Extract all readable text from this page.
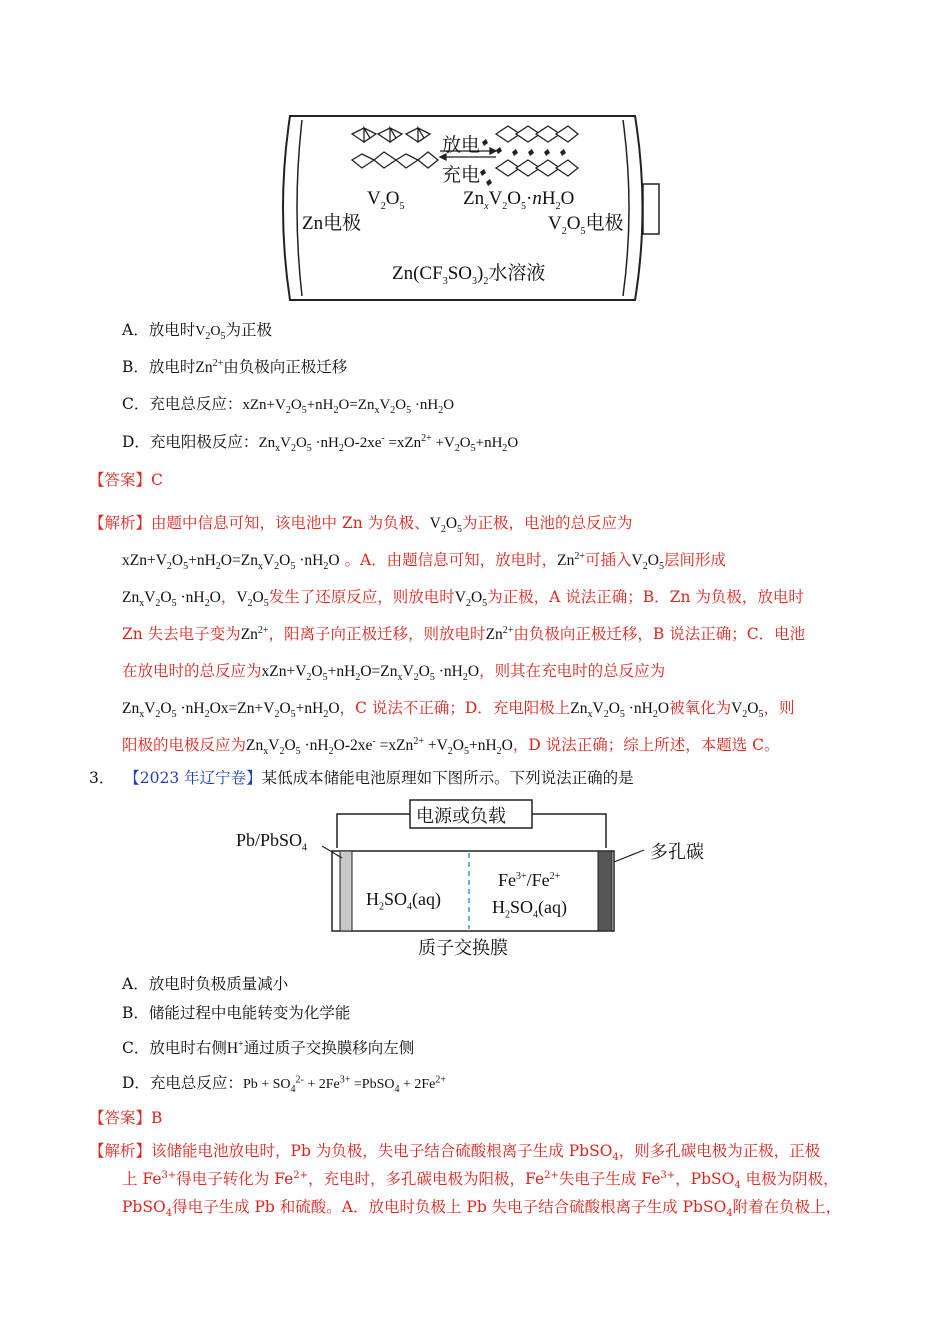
放电
充电
$V_2O_5$	$Zn_xV_2O_5\cdot nH_2O$
Zn电极	$V_2O_5$电极
$Zn(CF_3SO_3)_2$水溶液
A．放电时$V_2O_5$为正极
B．放电时$Zn^{2+}$由负极向正极迁移
C．充电总反应：$xZn+V_2O_5+nH_2O=Zn_xV_2O_5 \cdot nH_2O$
D．充电阳极反应：$Zn_xV_2O_5 \cdot nH_2O-2xe^- =xZn^{2+} +V_2O_5+nH_2O$
【答案】C
【解析】由题中信息可知，该电池中 Zn 为负极、$V_2O_5$为正极，电池的总反应为
$xZn+V_2O_5+nH_2O=Zn_xV_2O_5 \cdot nH_2O$ 。A．由题信息可知，放电时，$Zn^{2+}$可插入$V_2O_5$层间形成
$Zn_xV_2O_5 \cdot nH_2O$，$V_2O_5$发生了还原反应，则放电时$V_2O_5$为正极，A 说法正确；B．Zn 为负极，放电时
Zn 失去电子变为$Zn^{2+}$，阳离子向正极迁移，则放电时$Zn^{2+}$由负极向正极迁移，B 说法正确；C．电池
在放电时的总反应为$xZn+V_2O_5+nH_2O=Zn_xV_2O_5 \cdot nH_2O$，则其在充电时的总反应为
$Zn_xV_2O_5 \cdot nH_2Ox=Zn+V_2O_5+nH_2O$，C 说法不正确；D．充电阳极上$Zn_xV_2O_5 \cdot nH_2O$被氧化为$V_2O_5$，则
阳极的电极反应为$Zn_xV_2O_5 \cdot nH_2O-2xe^- =xZn^{2+} +V_2O_5+nH_2O$，D 说法正确；综上所述，本题选 C。
3． 【2023 年辽宁卷】某低成本储能电池原理如下图所示。下列说法正确的是
电源或负载
Pb/PbSO$_4$	多孔碳
$H_2SO_4(aq)$
$Fe^{3+}/Fe^{2+}$
$H_2SO_4(aq)$
质子交换膜
A．放电时负极质量减小
B．储能过程中电能转变为化学能
C．放电时右侧H+通过质子交换膜移向左侧
D．充电总反应：$Pb + SO_4^{2-} + 2Fe^{3+}$ =PbSO$_4$ + $2Fe^{2+}$
【答案】B
【解析】该储能电池放电时，Pb 为负极，失电子结合硫酸根离子生成 PbSO$_4$，则多孔碳电极为正极，正极
上 $Fe^{3+}$得电子转化为 $Fe^{2+}$，充电时，多孔碳电极为阳极，$Fe^{2+}$失电子生成 $Fe^{3+}$，PbSO$_4$ 电极为阴极，
PbSO$_4$得电子生成 Pb 和硫酸。A．放电时负极上 Pb 失电子结合硫酸根离子生成 PbSO$_4$附着在负极上，
